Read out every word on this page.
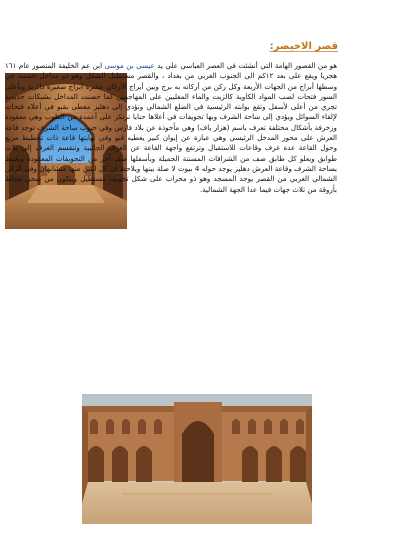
قصر الاخيضر:

هو من القصور الهامة التي أنشئت في العصر العباسي علي يد عيسى بن موسى ابن عم الخليفة المنصور عام ١٦١ هجريا ويقع على بعد ١٢كم الى الجنوب الغربي من بغداد ، والقصر مستطيل الشكل وهو ذو مداخل حصينة في وسطها أبراج من الجهات الأربعة وكل ركن من أركانه به برج وبين أبراج الأركان عشرة أبراج صغيرة دائرية وبأعلى السور فتحات لصب المواد الكاوية كالزيت والماء المغليين على المهاجمين كما حصنت المداخل بشبكات حديدية تجري من أعلى لأسفل وتقع بوابته الرئيسية في الضلع الشمالي وتؤدي إلى دهليز مغطى بقبو في أعلاه فتحات لإلقاء السوائل ويؤدي إلى ساحة الشرف وبها تجويفات في أعلاها حنايا ترتكز على أعمدة من الطوب وهي معقودة وزخرفة بأشكال مختلفة تعرف باسم (هزار باف) وهي مأخوذة عن بلاد فارس وفي جنوب ساحة الشرف توجد قاعة العرش على محور المدخل الرئيسي وهي عبارة عن إيوان كبير يغطيه قبو وفي نهايتها قاعة ذات تخطيط مربع وحول القاعة عدة غرف وقاعات للاستقبال وترتفع واجهة القاعة عن الغرف الجانبية وتنقسم الغرف إلى ثلاث طوابق ويعلو كل طابق صف من الشرافات المسننة الجميلة وبأسفلها صف آخر من التجويفات المعقودة ويحيط بساحة الشرف وقاعة العرش دهليز يوجد حوله 4 بيوت لا صلة بينها ويلاحظ أن كل اثنين منها متشابهان وفي الركن الشمالي الغربي من القصر يوجد المسجد وهو ذو محراب على شكل تجويف مستطيل ويتكون من صحن محاط بأروقة من ثلاث جهات فيما عدا الجهة الشمالية.
